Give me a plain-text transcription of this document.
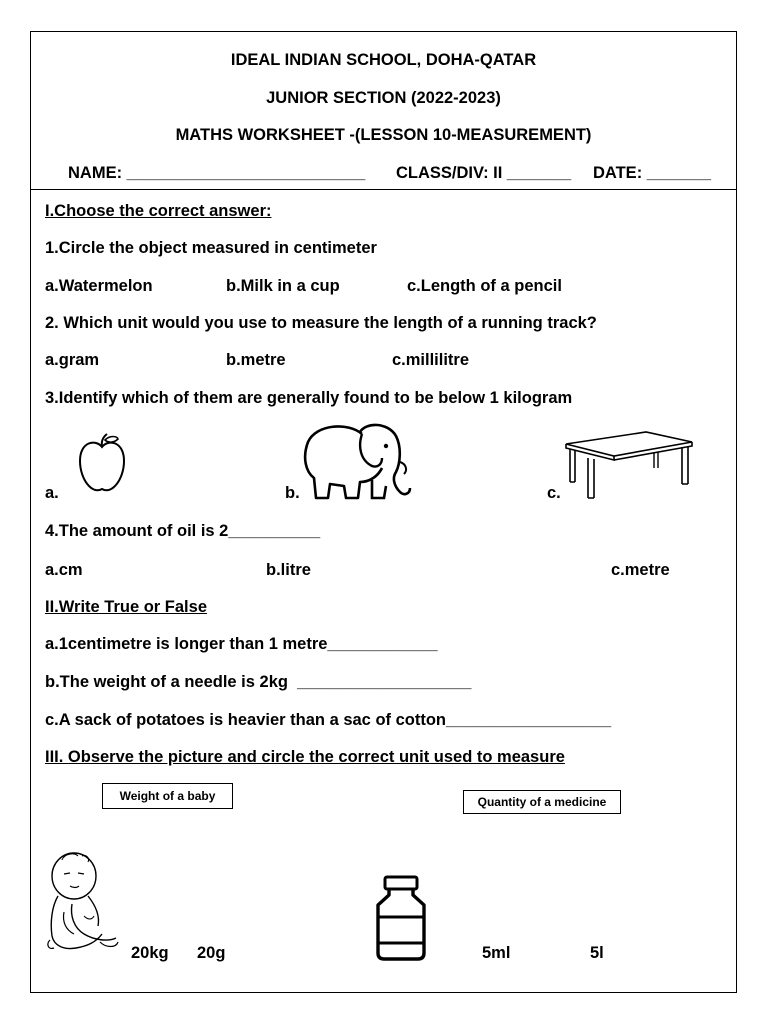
IDEAL INDIAN SCHOOL, DOHA-QATAR
JUNIOR SECTION (2022-2023)
MATHS WORKSHEET -(LESSON 10-MEASUREMENT)
NAME: __________________________ CLASS/DIV: II _______ DATE: _______
I.Choose the correct answer:
1.Circle the object measured in centimeter
a.Watermelon	b.Milk in a cup	c.Length of a pencil
2. Which unit would you use to measure the length of a running track?
a.gram	b.metre	c.millilitre
3.Identify which of them are generally found to be below 1 kilogram
a.	b.	c.
4.The amount of oil is 2__________
a.cm	b.litre	c.metre
II.Write True or False
a.1centimetre is longer than 1 metre____________
b.The weight of a needle is 2kg  ___________________
c.A sack of potatoes is heavier than a sac of cotton__________________
III. Observe the picture and circle the correct unit used to measure
Weight of a baby	Quantity of a medicine
20kg 20g	5ml	5l
